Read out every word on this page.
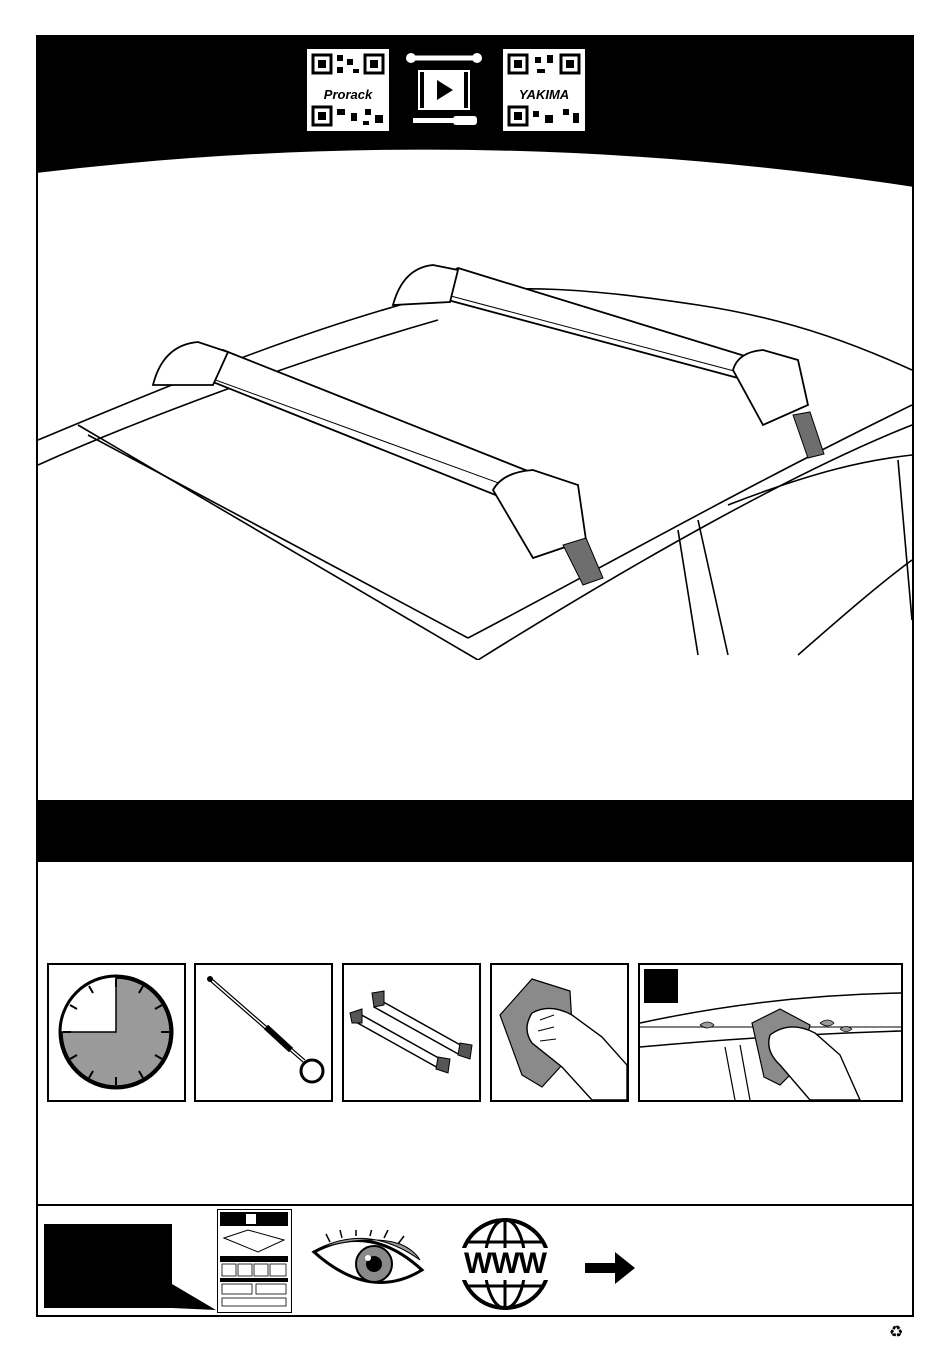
Prorack	YAKIMA
WWW
♻
